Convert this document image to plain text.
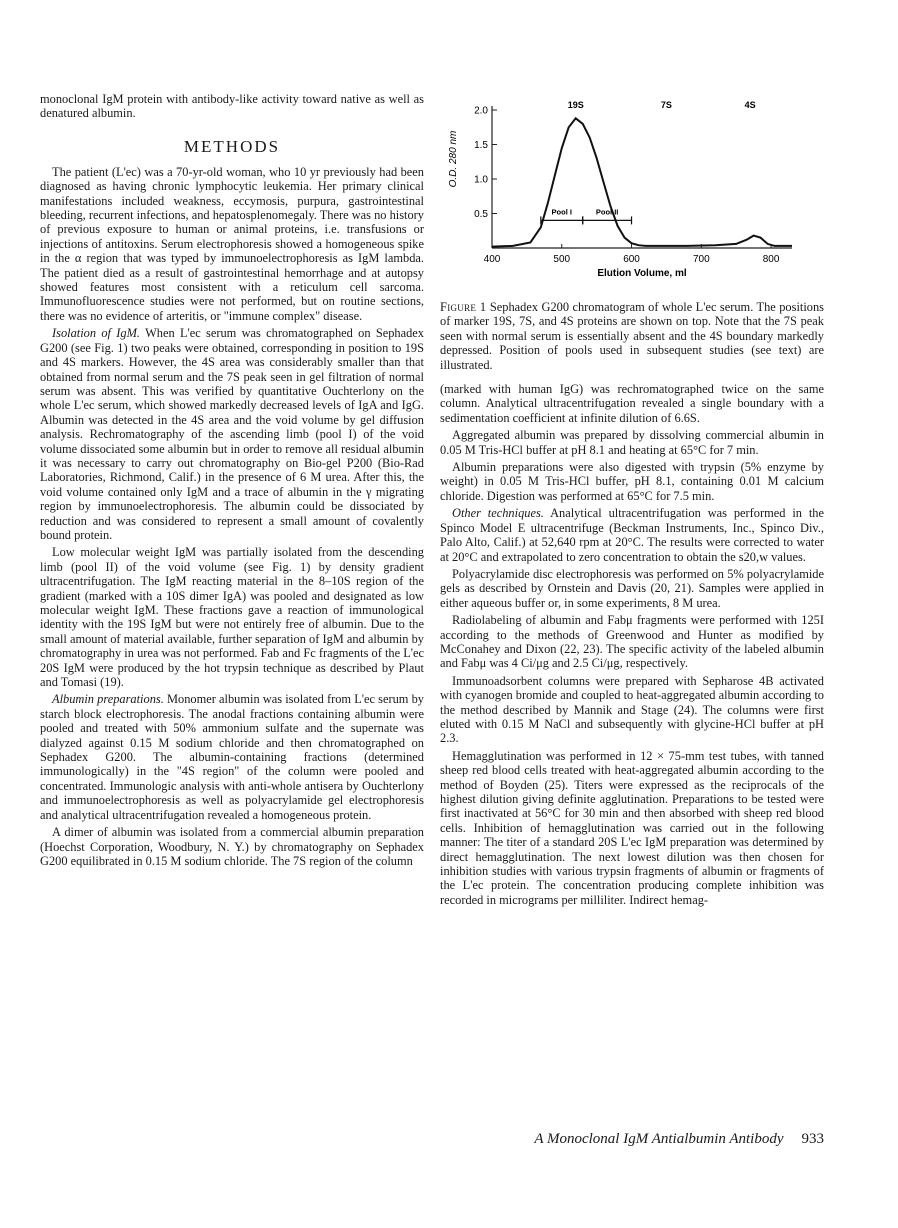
monoclonal IgM protein with antibody-like activity toward native as well as denatured albumin.

METHODS

The patient (L'ec) was a 70-yr-old woman, who 10 yr previously had been diagnosed as having chronic lymphocytic leukemia. Her primary clinical manifestations included weakness, eccymosis, purpura, gastrointestinal bleeding, recurrent infections, and hepatosplenomegaly. There was no history of previous exposure to human or animal proteins, i.e. transfusions or injections of antitoxins. Serum electrophoresis showed a homogeneous spike in the α region that was typed by immunoelectrophoresis as IgM lambda. The patient died as a result of gastrointestinal hemorrhage and at autopsy showed features most consistent with a reticulum cell sarcoma. Immunofluorescence studies were not performed, but on routine sections, there was no evidence of arteritis, or "immune complex" disease.

Isolation of IgM. When L'ec serum was chromatographed on Sephadex G200 (see Fig. 1) two peaks were obtained, corresponding in position to 19S and 4S markers. However, the 4S area was considerably smaller than that obtained from normal serum and the 7S peak seen in gel filtration of normal serum was absent. This was verified by quantitative Ouchterlony on the whole L'ec serum, which showed markedly decreased levels of IgA and IgG. Albumin was detected in the 4S area and the void volume by gel diffusion analysis. Rechromatography of the ascending limb (pool I) of the void volume dissociated some albumin but in order to remove all residual albumin it was necessary to carry out chromatography on Bio-gel P200 (Bio-Rad Laboratories, Richmond, Calif.) in the presence of 6 M urea. After this, the void volume contained only IgM and a trace of albumin in the γ migrating region by immunoelectrophoresis. The albumin could be dissociated by reduction and was considered to represent a small amount of covalently bound protein.

Low molecular weight IgM was partially isolated from the descending limb (pool II) of the void volume (see Fig. 1) by density gradient ultracentrifugation. The IgM reacting material in the 8–10S region of the gradient (marked with a 10S dimer IgA) was pooled and designated as low molecular weight IgM. These fractions gave a reaction of immunological identity with the 19S IgM but were not entirely free of albumin. Due to the small amount of material available, further separation of IgM and albumin by chromatography in urea was not performed. Fab and Fc fragments of the L'ec 20S IgM were produced by the hot trypsin technique as described by Plaut and Tomasi (19).

Albumin preparations. Monomer albumin was isolated from L'ec serum by starch block electrophoresis. The anodal fractions containing albumin were pooled and treated with 50% ammonium sulfate and the supernate was dialyzed against 0.15 M sodium chloride and then chromatographed on Sephadex G200. The albumin-containing fractions (determined immunologically) in the "4S region" of the column were pooled and concentrated. Immunologic analysis with anti-whole antisera by Ouchterlony and immunoelectrophoresis as well as polyacrylamide gel electrophoresis and analytical ultracentrifugation revealed a homogeneous protein.

A dimer of albumin was isolated from a commercial albumin preparation (Hoechst Corporation, Woodbury, N. Y.) by chromatography on Sephadex G200 equilibrated in 0.15 M sodium chloride. The 7S region of the column

0.5
1.0
1.5
2.0
400	500	600	700	800
Elution Volume, ml
O.D. 280 nm
19S	7S	4S
Pool I	Pool II
Figure 1 Sephadex G200 chromatogram of whole L'ec serum. The positions of marker 19S, 7S, and 4S proteins are shown on top. Note that the 7S peak seen with normal serum is essentially absent and the 4S boundary markedly depressed. Position of pools used in subsequent studies (see text) are illustrated.

(marked with human IgG) was rechromatographed twice on the same column. Analytical ultracentrifugation revealed a single boundary with a sedimentation coefficient at infinite dilution of 6.6S.

Aggregated albumin was prepared by dissolving commercial albumin in 0.05 M Tris-HCl buffer at pH 8.1 and heating at 65°C for 7 min.

Albumin preparations were also digested with trypsin (5% enzyme by weight) in 0.05 M Tris-HCl buffer, pH 8.1, containing 0.01 M calcium chloride. Digestion was performed at 65°C for 7.5 min.

Other techniques. Analytical ultracentrifugation was performed in the Spinco Model E ultracentrifuge (Beckman Instruments, Inc., Spinco Div., Palo Alto, Calif.) at 52,640 rpm at 20°C. The results were corrected to water at 20°C and extrapolated to zero concentration to obtain the s20,w values.

Polyacrylamide disc electrophoresis was performed on 5% polyacrylamide gels as described by Ornstein and Davis (20, 21). Samples were applied in either aqueous buffer or, in some experiments, 8 M urea.

Radiolabeling of albumin and Fabμ fragments were performed with 125I according to the methods of Greenwood and Hunter as modified by McConahey and Dixon (22, 23). The specific activity of the labeled albumin and Fabμ was 4 Ci/μg and 2.5 Ci/μg, respectively.

Immunoadsorbent columns were prepared with Sepharose 4B activated with cyanogen bromide and coupled to heat-aggregated albumin according to the method described by Mannik and Stage (24). The columns were first eluted with 0.15 M NaCl and subsequently with glycine-HCl buffer at pH 2.3.

Hemagglutination was performed in 12 × 75-mm test tubes, with tanned sheep red blood cells treated with heat-aggregated albumin according to the method of Boyden (25). Titers were expressed as the reciprocals of the highest dilution giving definite agglutination. Preparations to be tested were first inactivated at 56°C for 30 min and then absorbed with sheep red blood cells. Inhibition of hemagglutination was carried out in the following manner: The titer of a standard 20S L'ec IgM preparation was determined by direct hemagglutination. The next lowest dilution was then chosen for inhibition studies with various trypsin fragments of albumin or fragments of the L'ec protein. The concentration producing complete inhibition was recorded in micrograms per milliliter. Indirect hemag-

A Monoclonal IgM Antialbumin Antibody 933
